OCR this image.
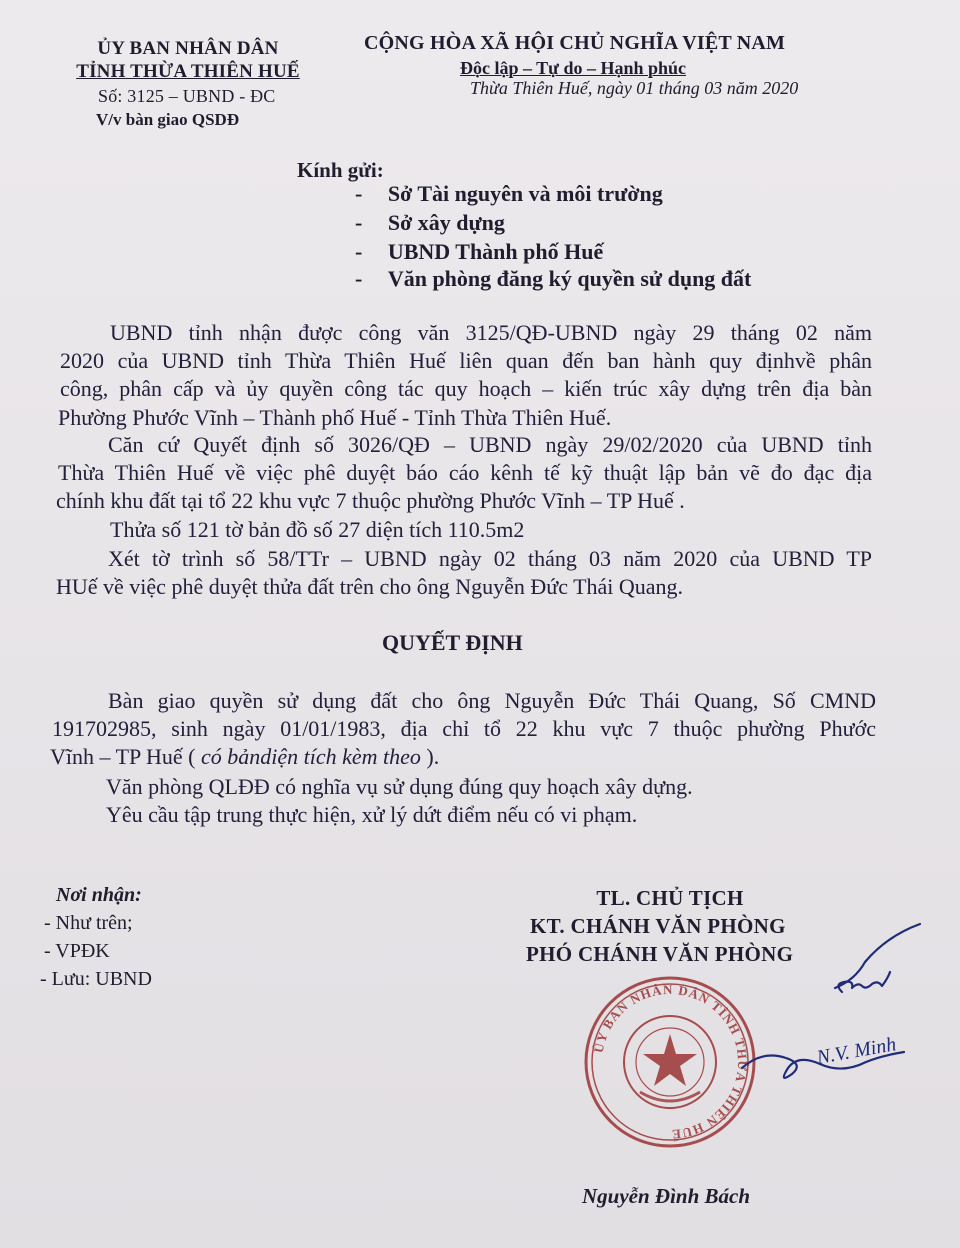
ỦY BAN NHÂN DÂN
TỈNH THỪA THIÊN HUẾ
Số: 3125 – UBND - ĐC
V/v bàn giao QSDĐ
CỘNG HÒA XÃ HỘI CHỦ NGHĨA VIỆT NAM
Độc lập – Tự do – Hạnh phúc
Thừa Thiên Huế, ngày 01 tháng 03 năm 2020
Kính gửi:
- Sở Tài nguyên và môi trường
- Sở xây dựng
- UBND Thành phố Huế
- Văn phòng đăng ký quyền sử dụng đất
UBND tỉnh nhận được công văn 3125/QĐ-UBND ngày 29 tháng 02 năm
2020 của UBND tỉnh Thừa Thiên Huế liên quan đến ban hành quy địnhvề phân
công, phân cấp và ủy quyền công tác quy hoạch – kiến trúc xây dựng trên địa bàn
Phường Phước Vĩnh – Thành phố Huế - Tỉnh Thừa Thiên Huế.
Căn cứ Quyết định số 3026/QĐ – UBND ngày 29/02/2020 của UBND tỉnh
Thừa Thiên Huế về việc phê duyệt báo cáo kênh tế kỹ thuật lập bản vẽ đo đạc địa
chính khu đất tại tổ 22 khu vực 7 thuộc phường Phước Vĩnh – TP Huế .
Thửa số 121 tờ bản đồ số 27 diện tích 110.5m2
Xét tờ trình số 58/TTr – UBND ngày 02 tháng 03 năm 2020 của UBND TP
HUế về việc phê duyệt thửa đất trên cho ông Nguyễn Đức Thái Quang.
QUYẾT ĐỊNH
Bàn giao quyền sử dụng đất cho ông Nguyễn Đức Thái Quang, Số CMND
191702985, sinh ngày 01/01/1983, địa chỉ tổ 22 khu vực 7 thuộc phường Phước
Vĩnh – TP Huế ( có bảndiện tích kèm theo ).
Văn phòng QLĐĐ có nghĩa vụ sử dụng đúng quy hoạch xây dựng.
Yêu cầu tập trung thực hiện, xử lý dứt điểm nếu có vi phạm.
Nơi nhận:
- Như trên;
- VPĐK
- Lưu: UBND
TL. CHỦ TỊCH
KT. CHÁNH VĂN PHÒNG
PHÓ CHÁNH VĂN PHÒNG
ỦY BAN NHÂN DÂN TỈNH THỪA THIÊN HUẾ
N.V. Minh
Nguyễn Đình Bách
